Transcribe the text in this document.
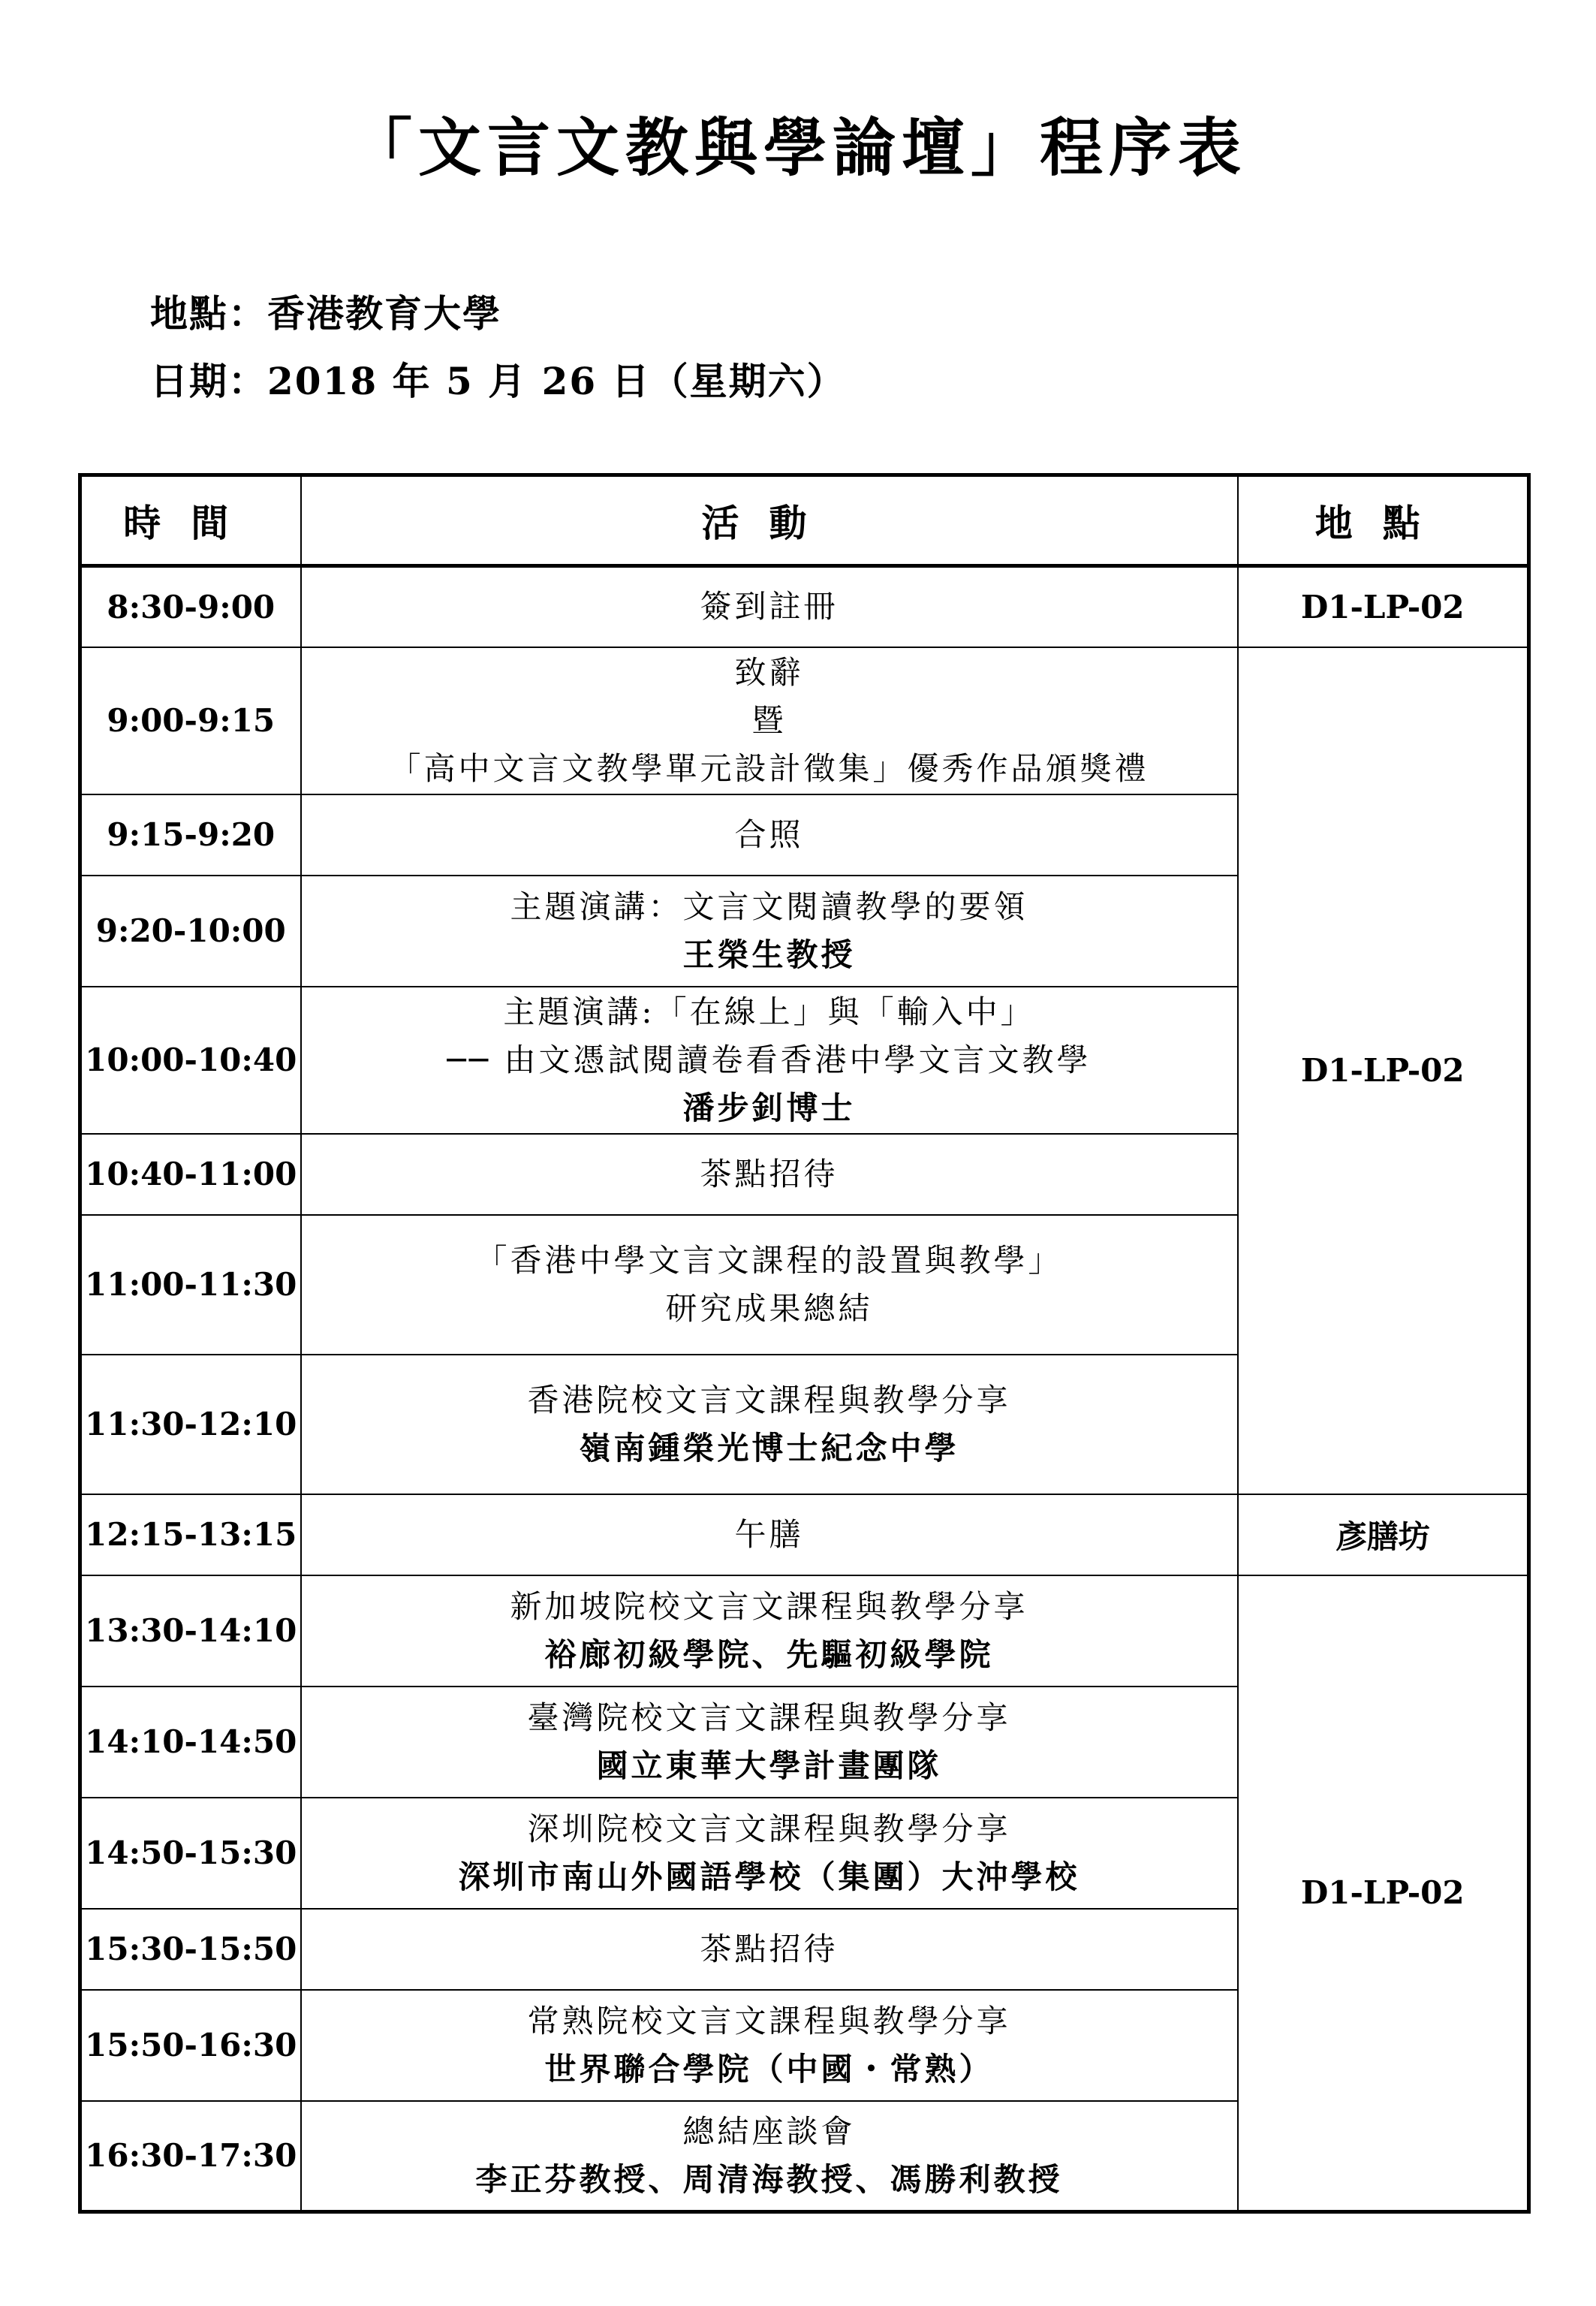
「文言文教與學論壇」程序表
地點：香港教育大學
日期：2018 年 5 月 26 日（星期六）
時間	活動	地點
8:30-9:00	簽到註冊	D1-LP-02
9:00-9:15	致辭
暨
「高中文言文教學單元設計徵集」優秀作品頒獎禮	D1-LP-02
9:15-9:20	合照	

9:20-10:00	主題演講：文言文閱讀教學的要領
王榮生教授	

10:00-10:40	主題演講:「在線上」與「輸入中」
── 由文憑試閱讀卷看香港中學文言文教學
潘步釗博士	

10:40-11:00	茶點招待	

11:00-11:30	「香港中學文言文課程的設置與教學」
研究成果總結	

11:30-12:10	香港院校文言文課程與教學分享
嶺南鍾榮光博士紀念中學	

12:15-13:15	午膳	彥膳坊
13:30-14:10	新加坡院校文言文課程與教學分享
裕廊初級學院、先驅初級學院	D1-LP-02
14:10-14:50	臺灣院校文言文課程與教學分享
國立東華大學計畫團隊	

14:50-15:30	深圳院校文言文課程與教學分享
深圳市南山外國語學校（集團）大沖學校	

15:30-15:50	茶點招待	

15:50-16:30	常熟院校文言文課程與教學分享
世界聯合學院（中國・常熟）	

16:30-17:30	總結座談會
李正芬教授、周清海教授、馮勝利教授	
